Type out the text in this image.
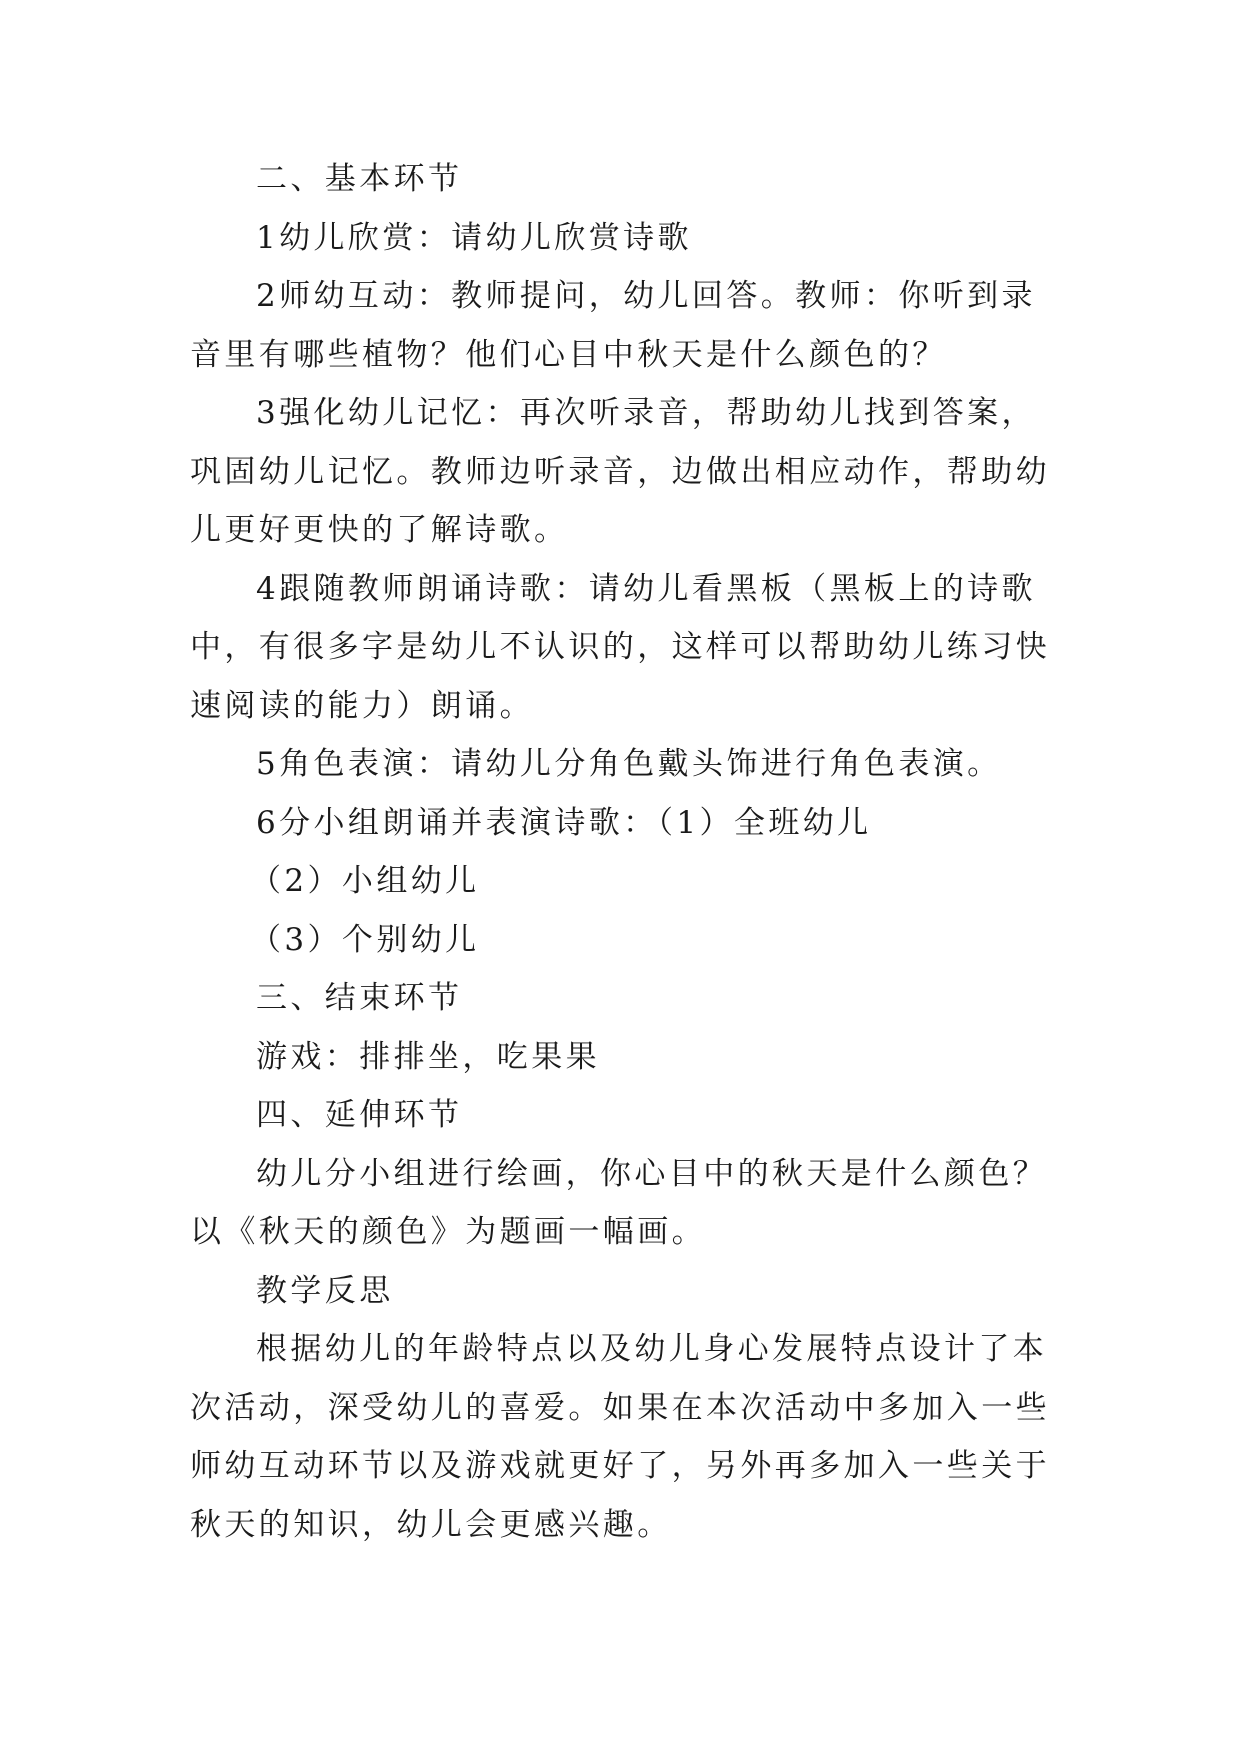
二、基本环节

1幼儿欣赏：请幼儿欣赏诗歌

2师幼互动：教师提问，幼儿回答。教师：你听到录音里有哪些植物？他们心目中秋天是什么颜色的？

3强化幼儿记忆：再次听录音，帮助幼儿找到答案，巩固幼儿记忆。教师边听录音，边做出相应动作，帮助幼儿更好更快的了解诗歌。

4跟随教师朗诵诗歌：请幼儿看黑板（黑板上的诗歌中，有很多字是幼儿不认识的，这样可以帮助幼儿练习快速阅读的能力）朗诵。

5角色表演：请幼儿分角色戴头饰进行角色表演。

6分小组朗诵并表演诗歌：（1）全班幼儿

（2）小组幼儿

（3）个别幼儿

三、结束环节

游戏：排排坐，吃果果

四、延伸环节

幼儿分小组进行绘画，你心目中的秋天是什么颜色？以《秋天的颜色》为题画一幅画。

教学反思

根据幼儿的年龄特点以及幼儿身心发展特点设计了本次活动，深受幼儿的喜爱。如果在本次活动中多加入一些师幼互动环节以及游戏就更好了，另外再多加入一些关于秋天的知识，幼儿会更感兴趣。
